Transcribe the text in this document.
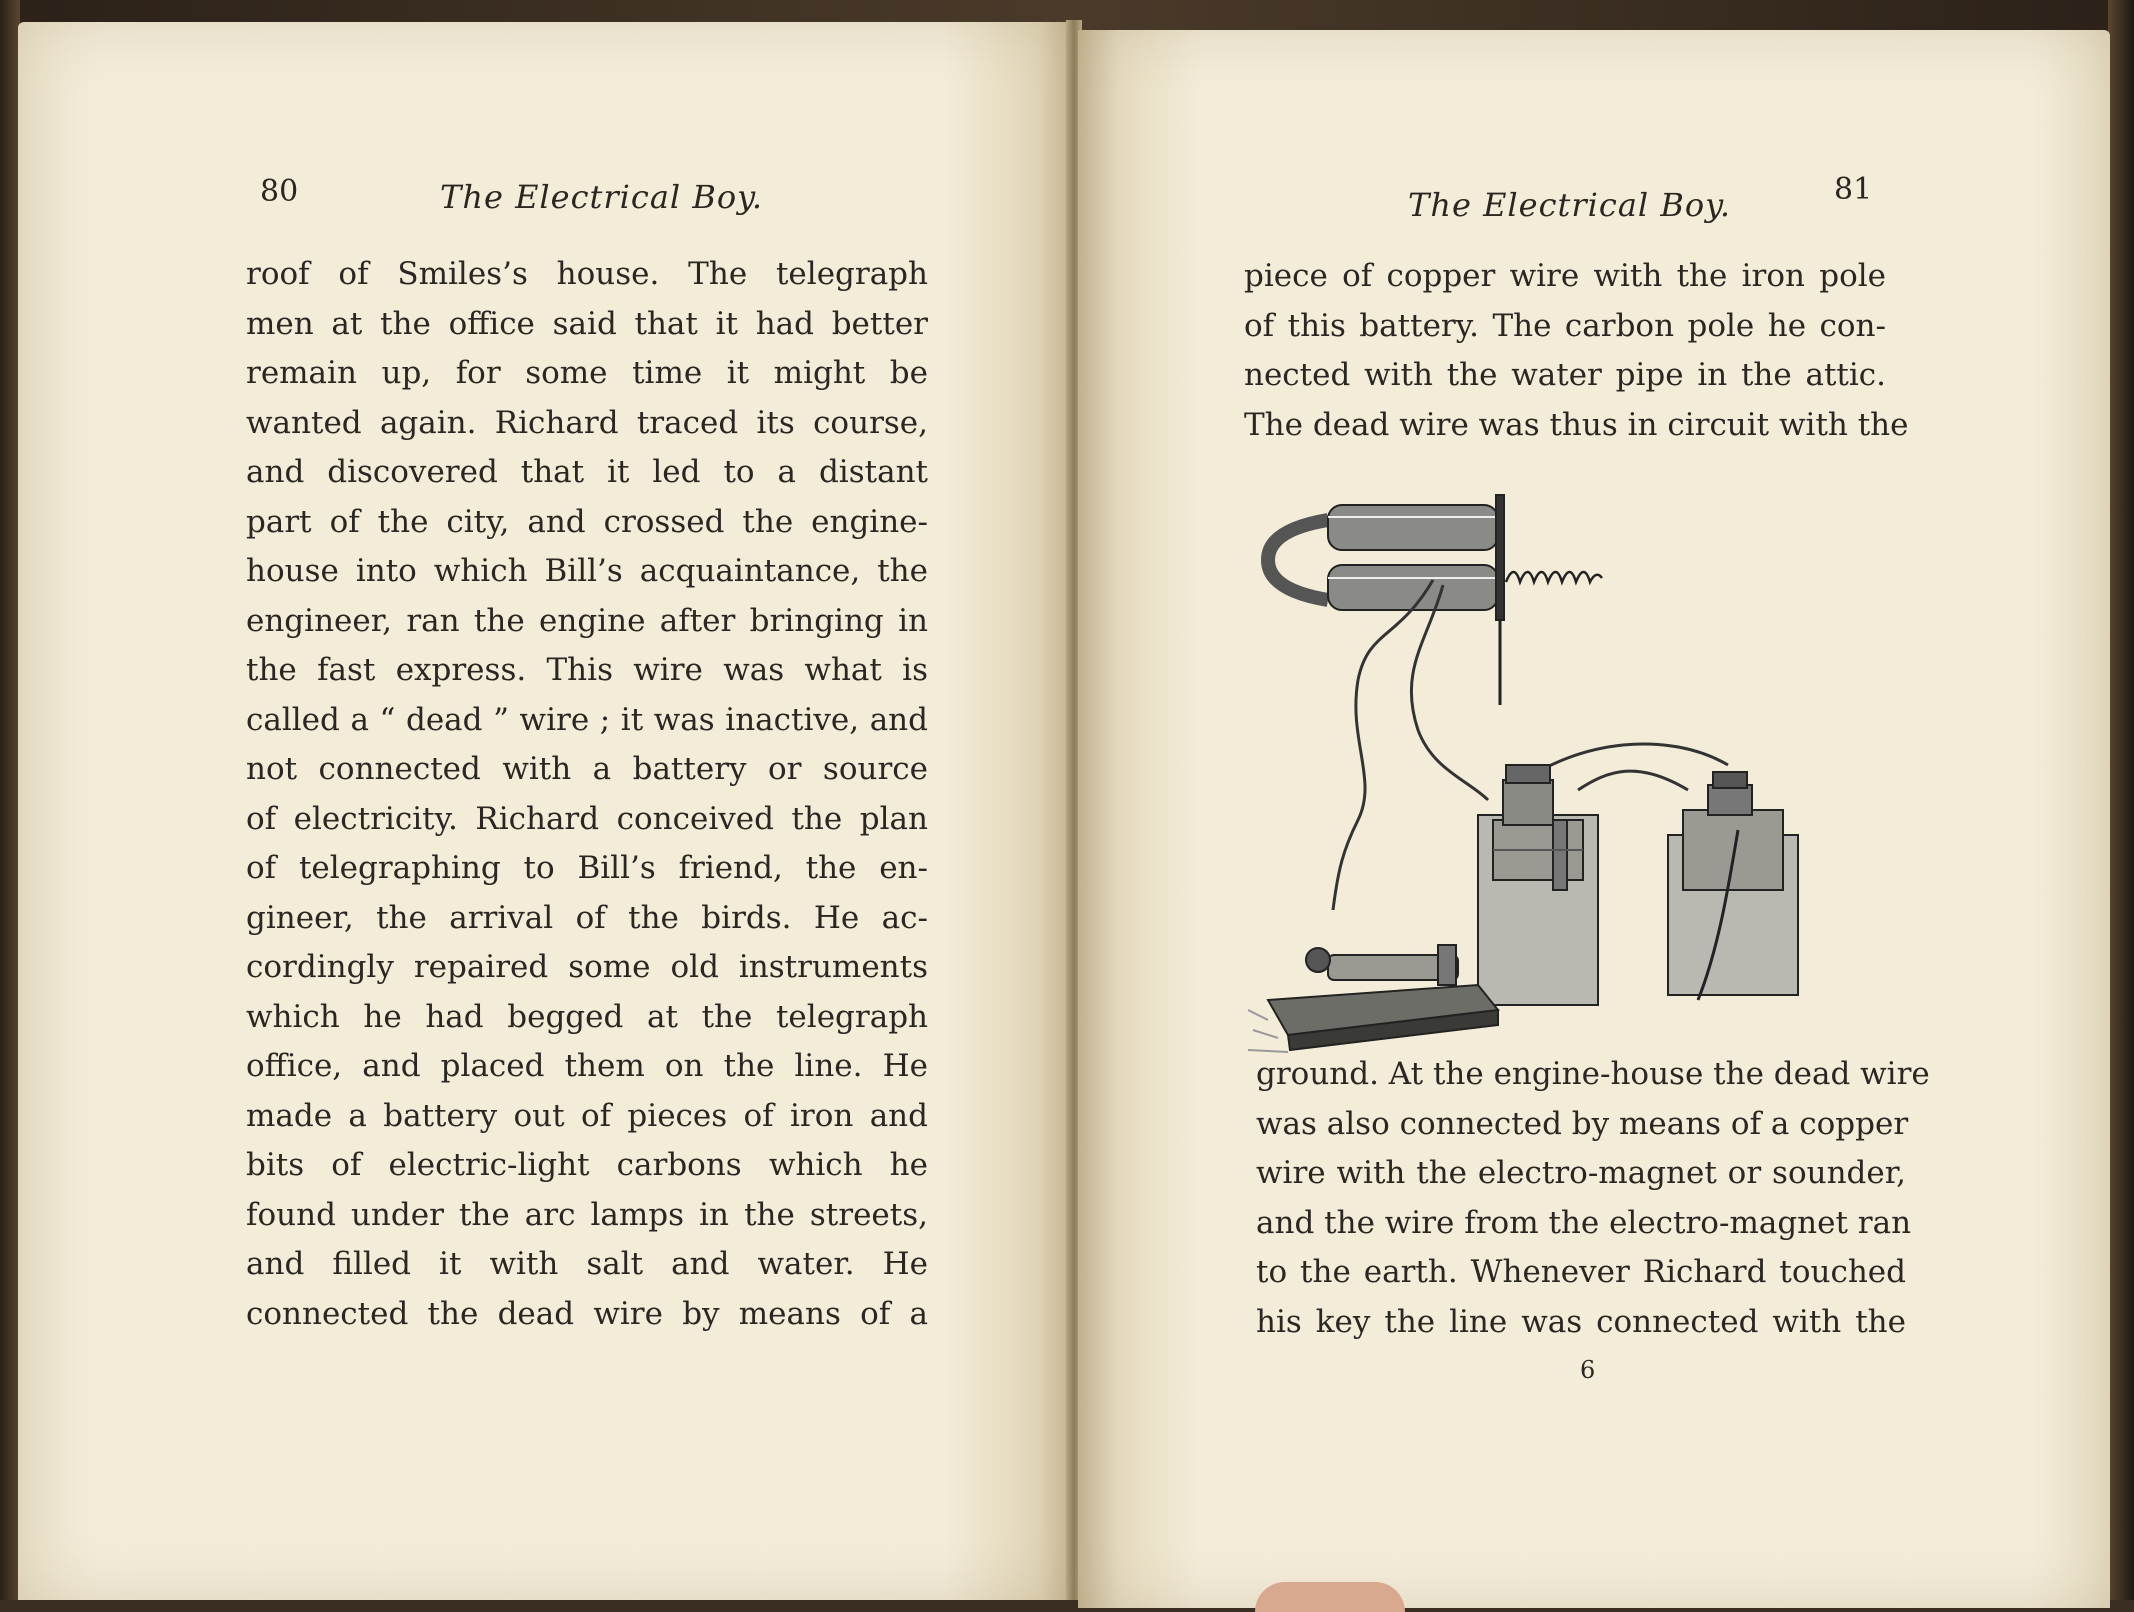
80	The Electrical Boy.
roof of Smiles’s house. The telegraph
men at the office said that it had better
remain up, for some time it might be
wanted again. Richard traced its course,
and discovered that it led to a distant
part of the city, and crossed the engine-
house into which Bill’s acquaintance, the
engineer, ran the engine after bringing in
the fast express. This wire was what is
called a “ dead ” wire ; it was inactive, and
not connected with a battery or source
of electricity. Richard conceived the plan
of telegraphing to Bill’s friend, the en-
gineer, the arrival of the birds. He ac-
cordingly repaired some old instruments
which he had begged at the telegraph
office, and placed them on the line. He
made a battery out of pieces of iron and
bits of electric-light carbons which he
found under the arc lamps in the streets,
and filled it with salt and water. He
connected the dead wire by means of a
The Electrical Boy.	81
piece of copper wire with the iron pole
of this battery. The carbon pole he con-
nected with the water pipe in the attic.
The dead wire was thus in circuit with the
ground. At the engine-house the dead wire
was also connected by means of a copper
wire with the electro-magnet or sounder,
and the wire from the electro-magnet ran
to the earth. Whenever Richard touched
his key the line was connected with the
6
